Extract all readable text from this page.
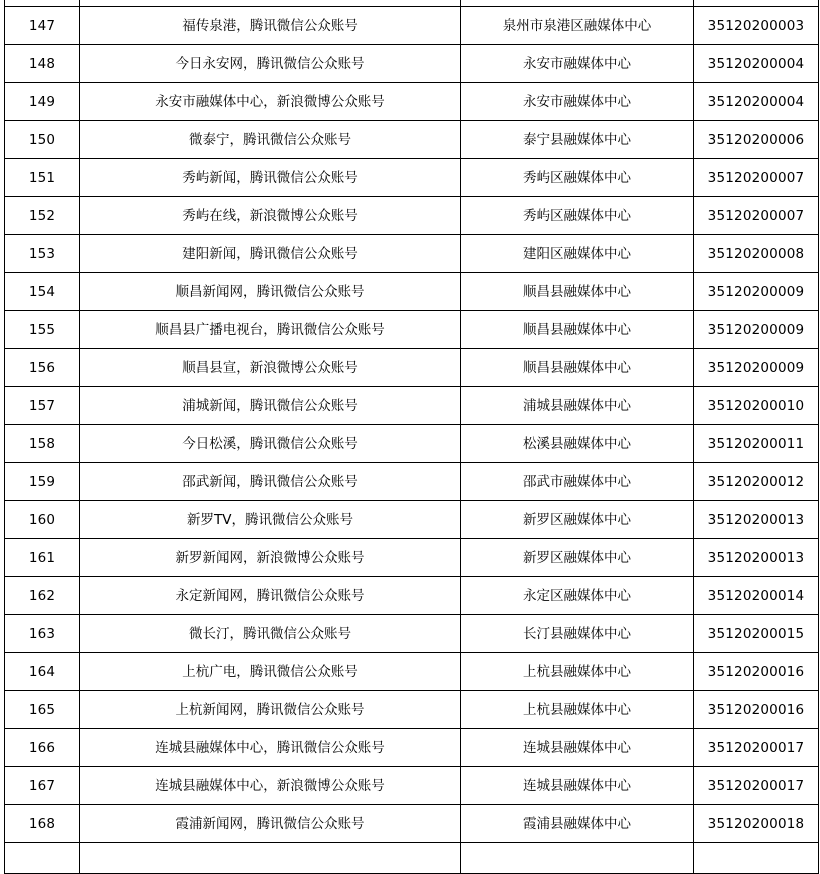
147	福传泉港，腾讯微信公众账号	泉州市泉港区融媒体中心	35120200003
148	今日永安网，腾讯微信公众账号	永安市融媒体中心	35120200004
149	永安市融媒体中心，新浪微博公众账号	永安市融媒体中心	35120200004
150	微泰宁，腾讯微信公众账号	泰宁县融媒体中心	35120200006
151	秀屿新闻，腾讯微信公众账号	秀屿区融媒体中心	35120200007
152	秀屿在线，新浪微博公众账号	秀屿区融媒体中心	35120200007
153	建阳新闻，腾讯微信公众账号	建阳区融媒体中心	35120200008
154	顺昌新闻网，腾讯微信公众账号	顺昌县融媒体中心	35120200009
155	顺昌县广播电视台，腾讯微信公众账号	顺昌县融媒体中心	35120200009
156	顺昌县宣，新浪微博公众账号	顺昌县融媒体中心	35120200009
157	浦城新闻，腾讯微信公众账号	浦城县融媒体中心	35120200010
158	今日松溪，腾讯微信公众账号	松溪县融媒体中心	35120200011
159	邵武新闻，腾讯微信公众账号	邵武市融媒体中心	35120200012
160	新罗TV，腾讯微信公众账号	新罗区融媒体中心	35120200013
161	新罗新闻网，新浪微博公众账号	新罗区融媒体中心	35120200013
162	永定新闻网，腾讯微信公众账号	永定区融媒体中心	35120200014
163	微长汀，腾讯微信公众账号	长汀县融媒体中心	35120200015
164	上杭广电，腾讯微信公众账号	上杭县融媒体中心	35120200016
165	上杭新闻网，腾讯微信公众账号	上杭县融媒体中心	35120200016
166	连城县融媒体中心，腾讯微信公众账号	连城县融媒体中心	35120200017
167	连城县融媒体中心，新浪微博公众账号	连城县融媒体中心	35120200017
168	霞浦新闻网，腾讯微信公众账号	霞浦县融媒体中心	35120200018
